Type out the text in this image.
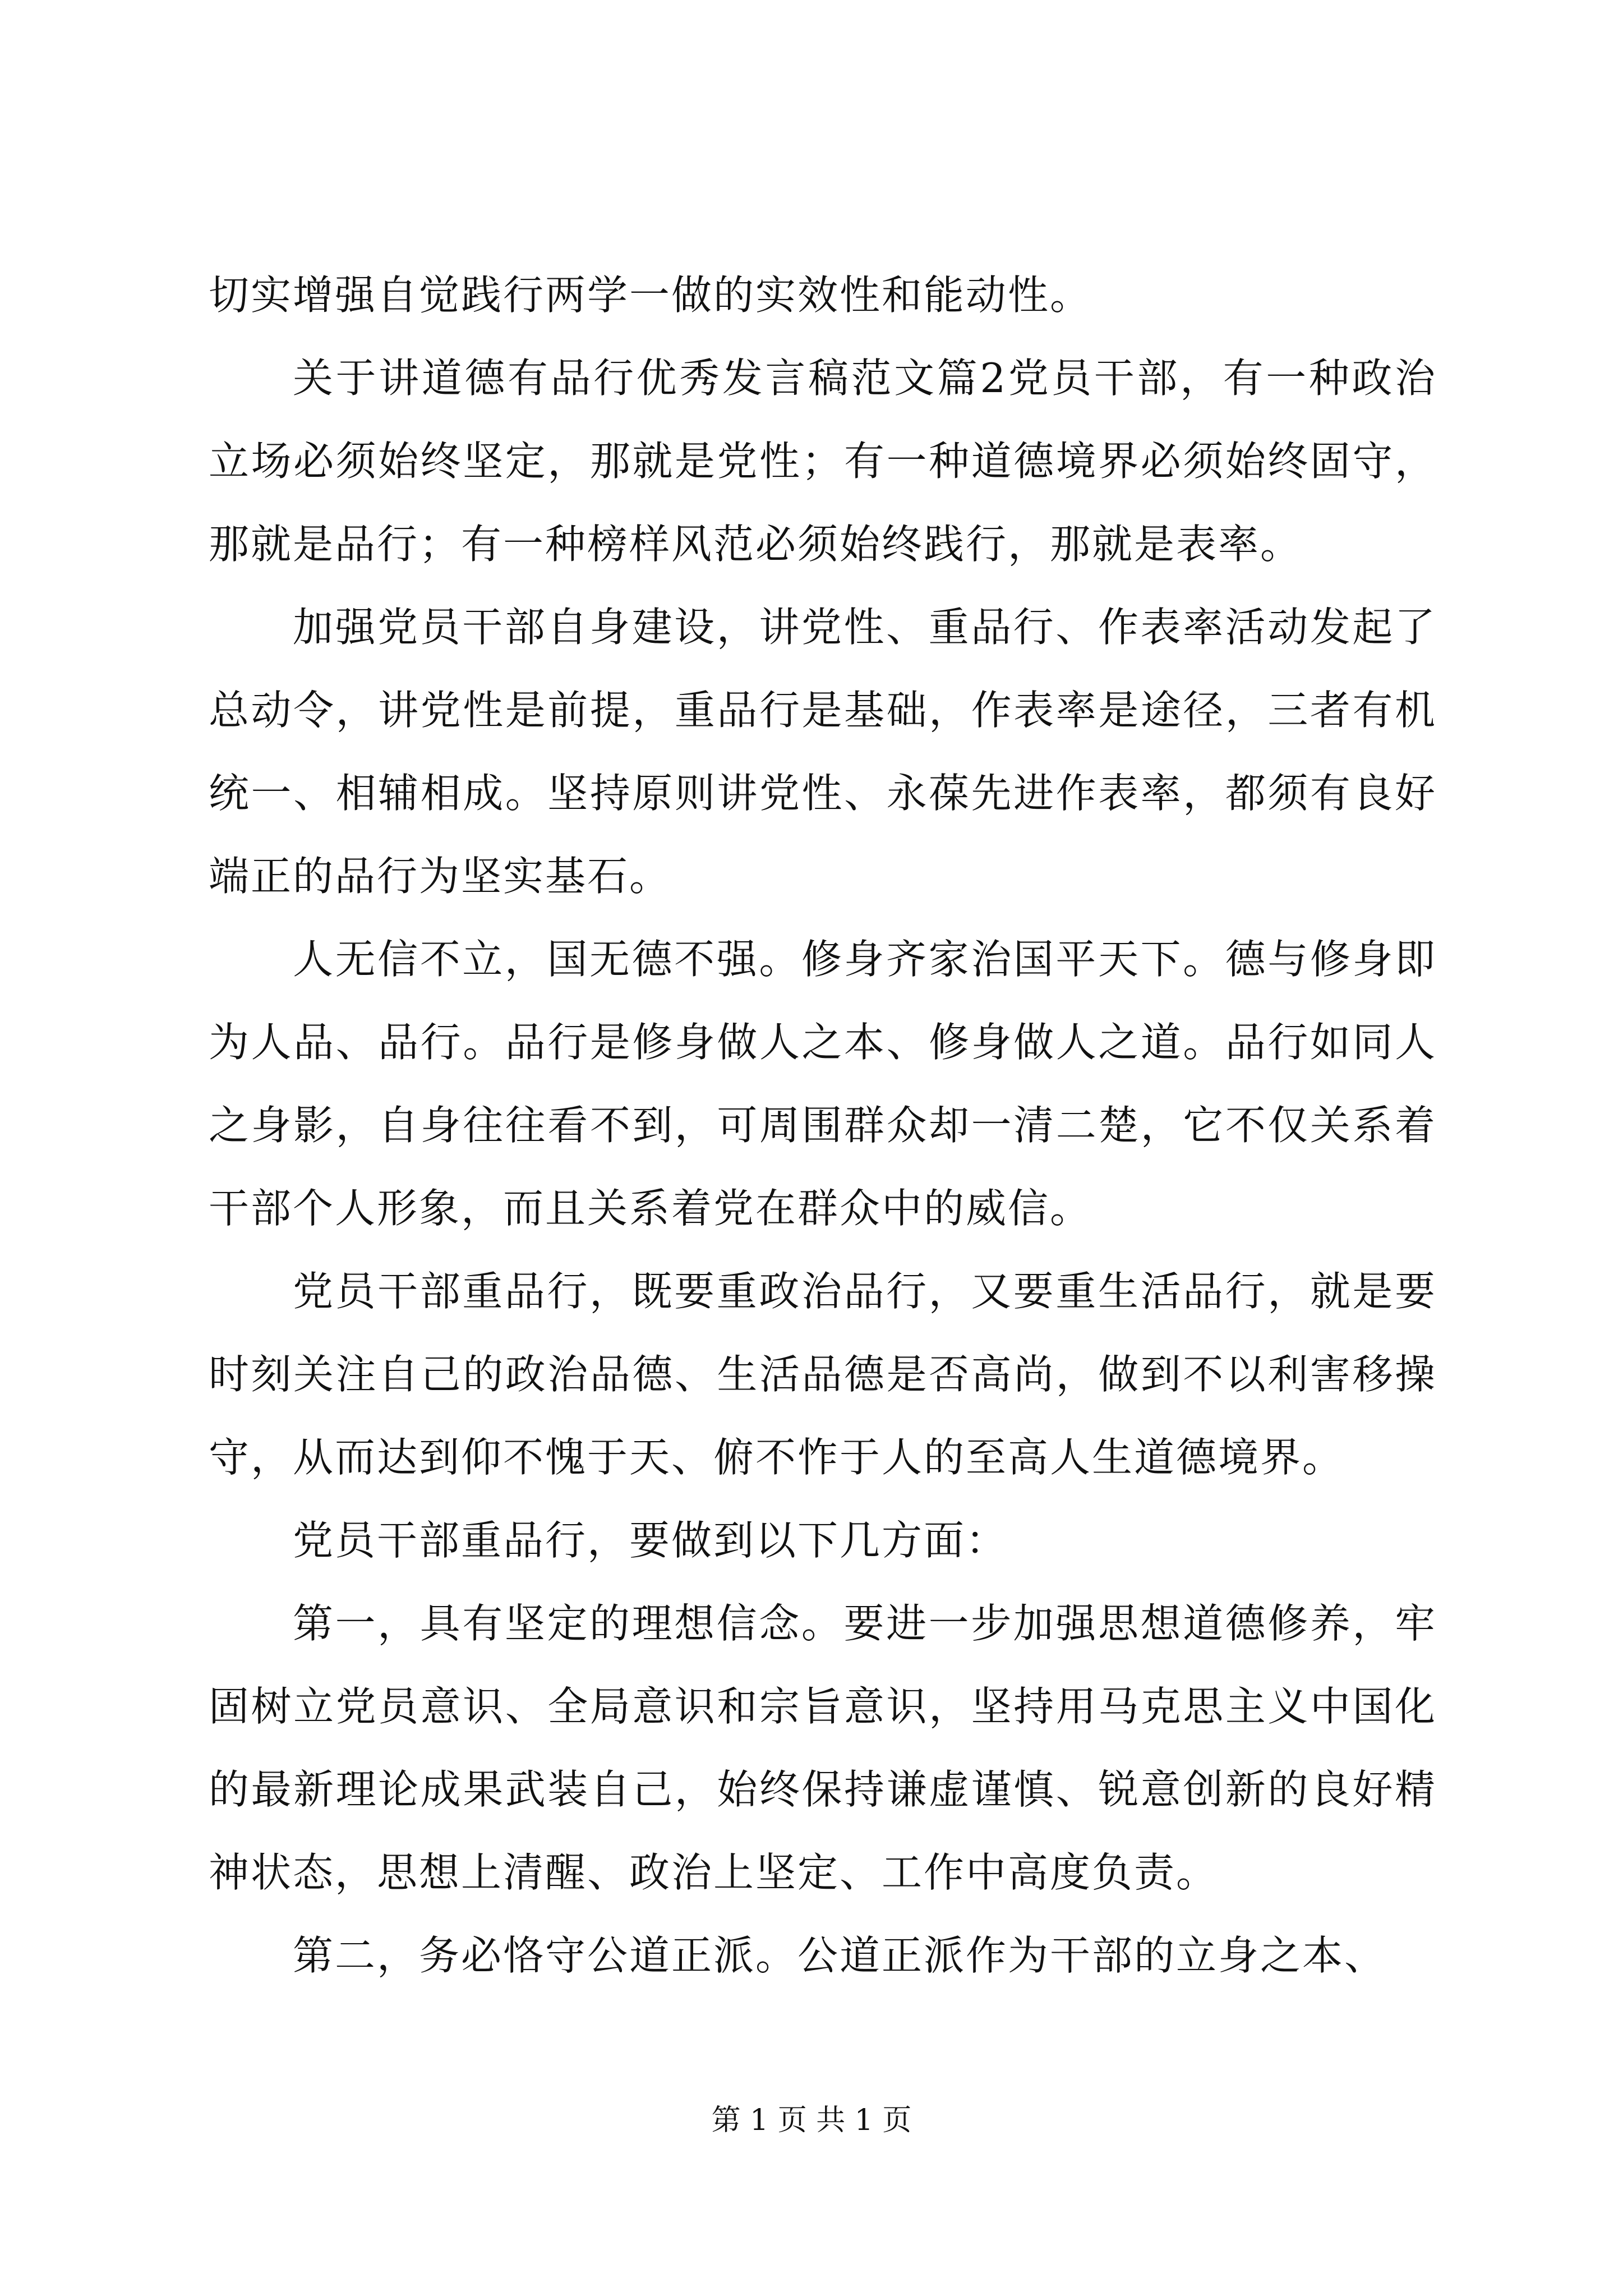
切实增强自觉践行两学一做的实效性和能动性。

关于讲道德有品行优秀发言稿范文篇2党员干部，有一种政治立场必须始终坚定，那就是党性；有一种道德境界必须始终固守，那就是品行；有一种榜样风范必须始终践行，那就是表率。

加强党员干部自身建设，讲党性、重品行、作表率活动发起了总动令，讲党性是前提，重品行是基础，作表率是途径，三者有机统一、相辅相成。坚持原则讲党性、永葆先进作表率，都须有良好端正的品行为坚实基石。

人无信不立，国无德不强。修身齐家治国平天下。德与修身即为人品、品行。品行是修身做人之本、修身做人之道。品行如同人之身影，自身往往看不到，可周围群众却一清二楚，它不仅关系着干部个人形象，而且关系着党在群众中的威信。

党员干部重品行，既要重政治品行，又要重生活品行，就是要时刻关注自己的政治品德、生活品德是否高尚，做到不以利害移操守，从而达到仰不愧于天、俯不怍于人的至高人生道德境界。

党员干部重品行，要做到以下几方面：

第一，具有坚定的理想信念。要进一步加强思想道德修养，牢固树立党员意识、全局意识和宗旨意识，坚持用马克思主义中国化的最新理论成果武装自己，始终保持谦虚谨慎、锐意创新的良好精神状态，思想上清醒、政治上坚定、工作中高度负责。

第二，务必恪守公道正派。公道正派作为干部的立身之本、

第 1 页 共 1 页
